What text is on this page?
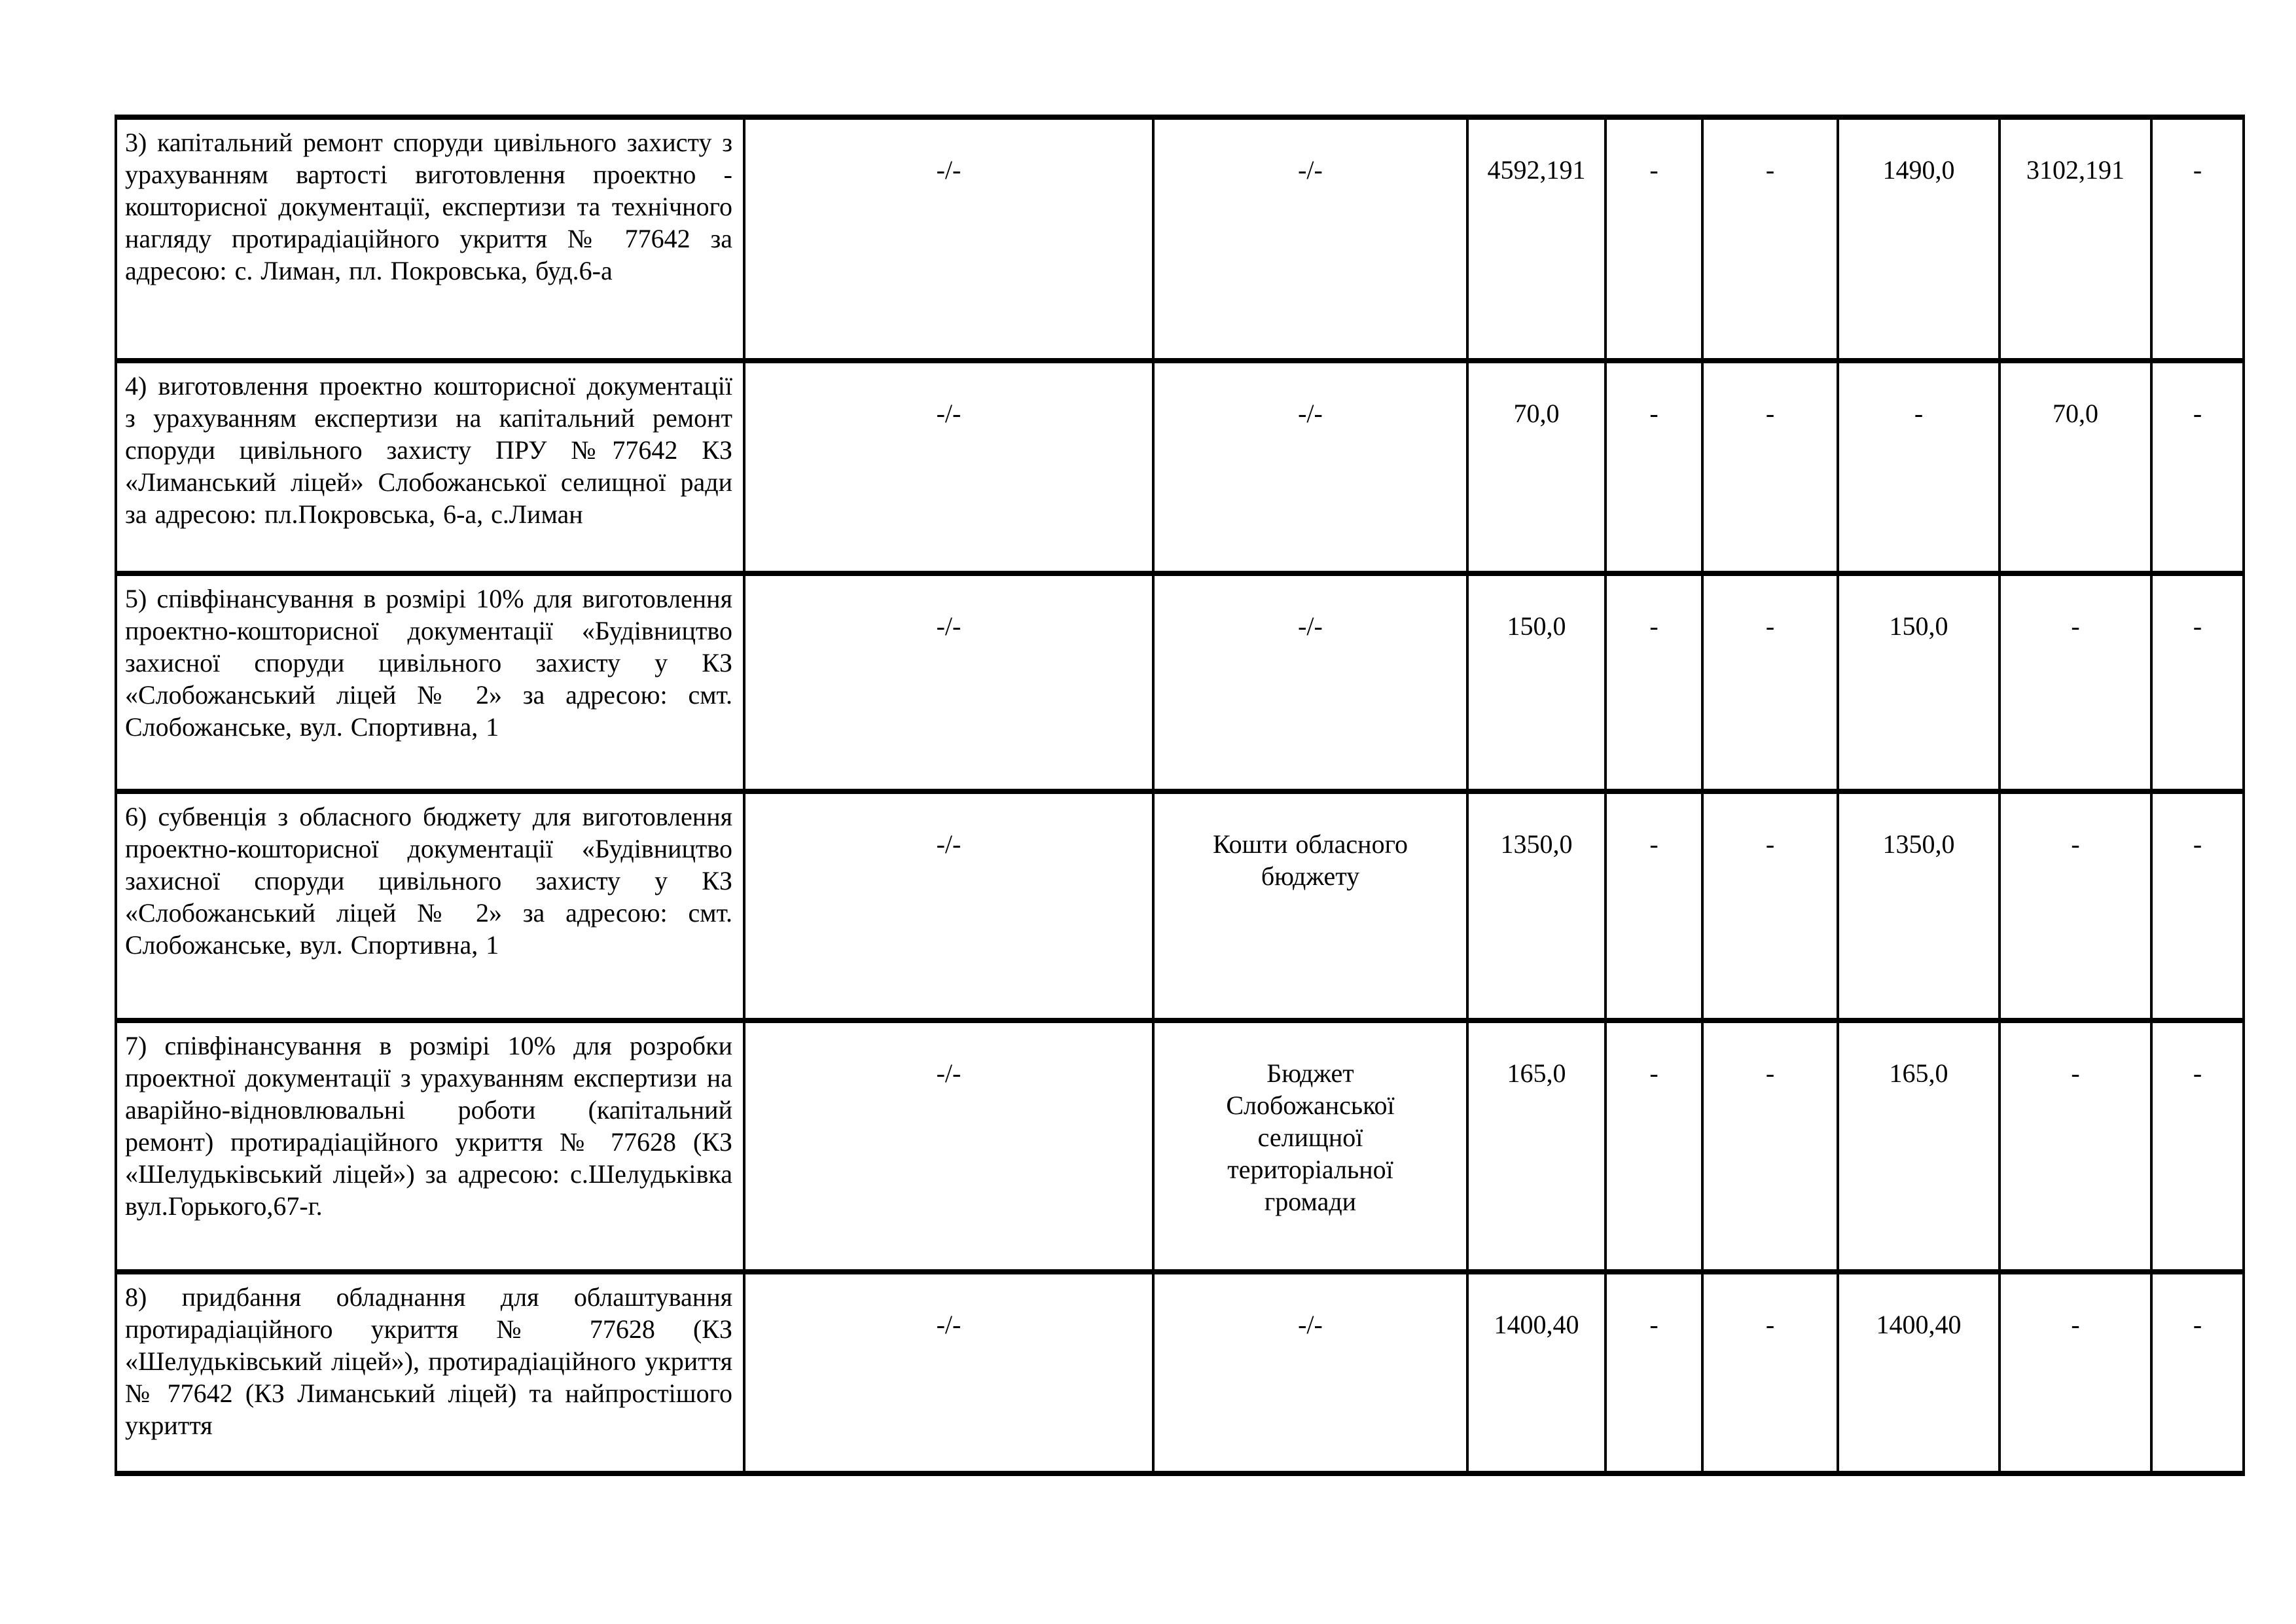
3) капітальний ремонт споруди цивільного захисту з урахуванням вартості виготовлення проектно - кошторисної документації, експертизи та технічного нагляду протирадіаційного укриття № 77642 за адресою: с. Лиман, пл. Покровська, буд.6-а	-/-	-/-	4592,191	-	-	1490,0	3102,191	-
4) виготовлення проектно кошторисної документації з урахуванням експертизи на капітальний ремонт споруди цивільного захисту ПРУ №77642 КЗ «Лиманський ліцей» Слобожанської селищної ради за адресою: пл.Покровська, 6-а, с.Лиман	-/-	-/-	70,0	-	-	-	70,0	-
5) співфінансування в розмірі 10% для виготовлення проектно-кошторисної документації «Будівництво захисної споруди цивільного захисту у КЗ «Слобожанський ліцей № 2» за адресою: смт. Слобожанське, вул. Спортивна, 1	-/-	-/-	150,0	-	-	150,0	-	-
6) субвенція з обласного бюджету для виготовлення проектно-кошторисної документації «Будівництво захисної споруди цивільного захисту у КЗ «Слобожанський ліцей № 2» за адресою: смт. Слобожанське, вул. Спортивна, 1	-/-	Кошти обласного бюджету	1350,0	-	-	1350,0	-	-
7) співфінансування в розмірі 10% для розробки проектної документації з урахуванням експертизи на аварійно-відновлювальні роботи (капітальний ремонт) протирадіаційного укриття № 77628 (КЗ «Шелудьківський ліцей») за адресою: с.Шелудьківка вул.Горького,67-г.	-/-	Бюджет Слобожанської селищної територіальної громади	165,0	-	-	165,0	-	-
8) придбання обладнання для облаштування протирадіаційного укриття № 77628 (КЗ «Шелудьківський ліцей»), протирадіаційного укриття № 77642 (КЗ Лиманський ліцей) та найпростішого укриття	-/-	-/-	1400,40	-	-	1400,40	-	-
